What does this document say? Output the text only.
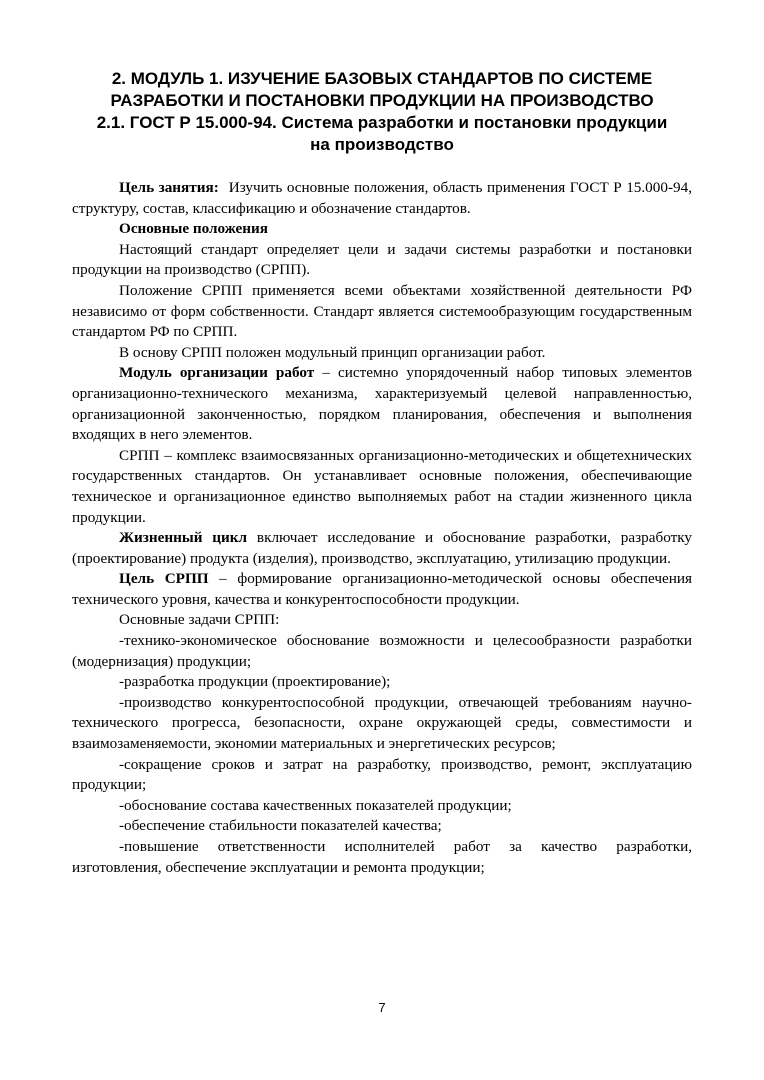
2. МОДУЛЬ 1. ИЗУЧЕНИЕ БАЗОВЫХ СТАНДАРТОВ ПО СИСТЕМЕ
РАЗРАБОТКИ И ПОСТАНОВКИ ПРОДУКЦИИ НА ПРОИЗВОДСТВО
2.1. ГОСТ Р 15.000-94. Система разработки и постановки продукции
на производство

Цель занятия: Изучить основные положения, область применения ГОСТ Р 15.000-94, структуру, состав, классификацию и обозначение стандартов.

Основные положения

Настоящий стандарт определяет цели и задачи системы разработки и постановки продукции на производство (СРПП).

Положение СРПП применяется всеми объектами хозяйственной деятельности РФ независимо от форм собственности. Стандарт является системообразующим государственным стандартом РФ по СРПП.

В основу СРПП положен модульный принцип организации работ.

Модуль организации работ – системно упорядоченный набор типовых элементов организационно-технического механизма, характеризуемый целевой направленностью, организационной законченностью, порядком планирования, обеспечения и выполнения входящих в него элементов.

СРПП – комплекс взаимосвязанных организационно-методических и общетехнических государственных стандартов. Он устанавливает основные положения, обеспечивающие техническое и организационное единство выполняемых работ на стадии жизненного цикла продукции.

Жизненный цикл включает исследование и обоснование разработки, разработку (проектирование) продукта (изделия), производство, эксплуатацию, утилизацию продукции.

Цель СРПП – формирование организационно-методической основы обеспечения технического уровня, качества и конкурентоспособности продукции.

Основные задачи СРПП:

-технико-экономическое обоснование возможности и целесообразности разработки (модернизация) продукции;

-разработка продукции (проектирование);

-производство конкурентоспособной продукции, отвечающей требованиям научно-технического прогресса, безопасности, охране окружающей среды, совместимости и взаимозаменяемости, экономии материальных и энергетических ресурсов;

-сокращение сроков и затрат на разработку, производство, ремонт, эксплуатацию продукции;

-обоснование состава качественных показателей продукции;

-обеспечение стабильности показателей качества;

-повышение ответственности исполнителей работ за качество разработки, изготовления, обеспечение эксплуатации и ремонта продукции;

7
